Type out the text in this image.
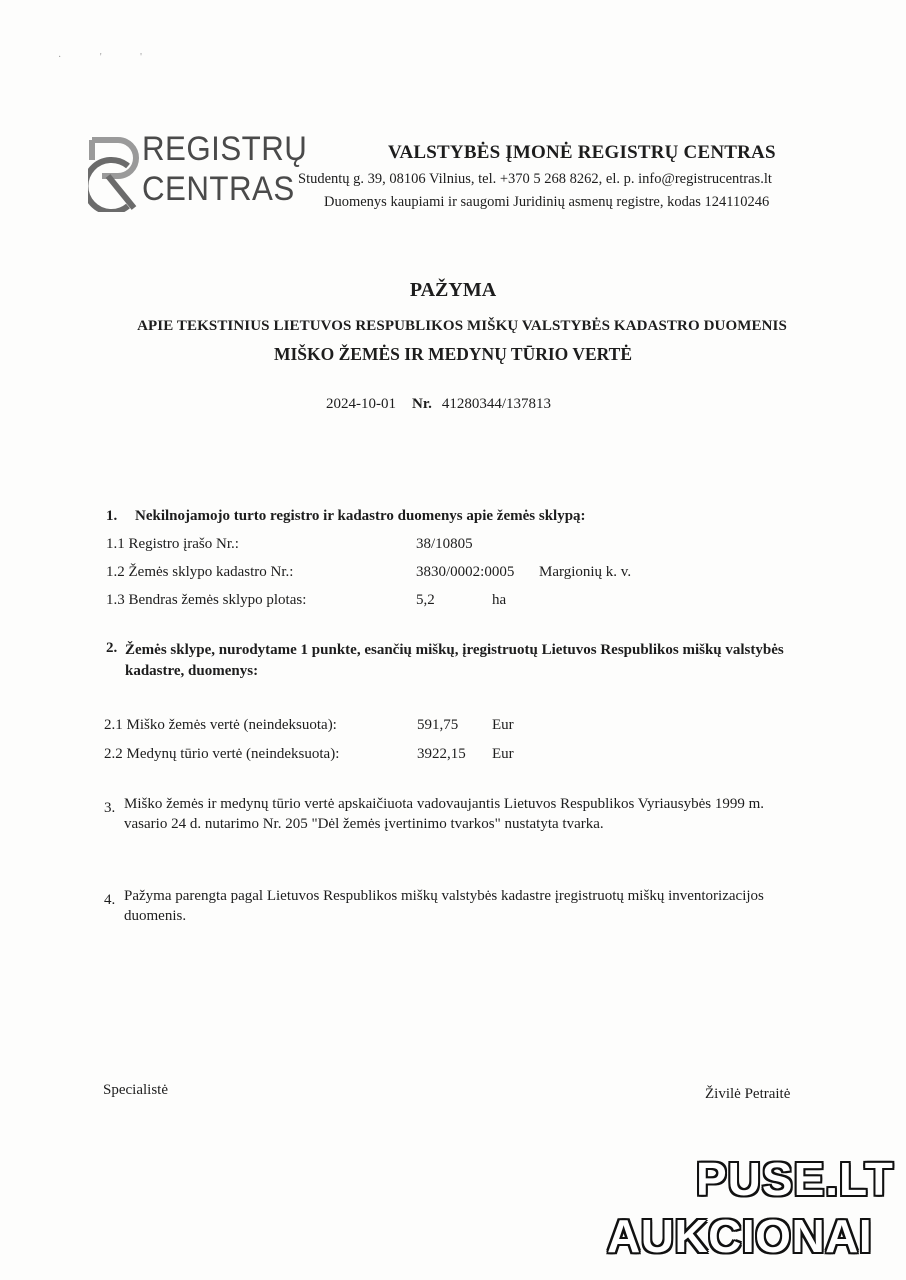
· ' '
REGISTRŲ
CENTRAS
VALSTYBĖS ĮMONĖ REGISTRŲ CENTRAS
Studentų g. 39, 08106 Vilnius, tel. +370 5 268 8262, el. p. info@registrucentras.lt
Duomenys kaupiami ir saugomi Juridinių asmenų registre, kodas 124110246
PAŽYMA
APIE TEKSTINIUS LIETUVOS RESPUBLIKOS MIŠKŲ VALSTYBĖS KADASTRO DUOMENIS
MIŠKO ŽEMĖS IR MEDYNŲ TŪRIO VERTĖ
2024-10-01 Nr. 41280344/137813
1. Nekilnojamojo turto registro ir kadastro duomenys apie žemės sklypą:
1.1 Registro įrašo Nr.:	38/10805
1.2 Žemės sklypo kadastro Nr.:	3830/0002:0005 Margionių k. v.
1.3 Bendras žemės sklypo plotas:	5,2	ha
2. Žemės sklype, nurodytame 1 punkte, esančių miškų, įregistruotų Lietuvos Respublikos miškų valstybės kadastre, duomenys:
2.1 Miško žemės vertė (neindeksuota):	591,75 Eur
2.2 Medynų tūrio vertė (neindeksuota):	3922,15 Eur
3. Miško žemės ir medynų tūrio vertė apskaičiuota vadovaujantis Lietuvos Respublikos Vyriausybės 1999 m. vasario 24 d. nutarimo Nr. 205 "Dėl žemės įvertinimo tvarkos" nustatyta tvarka.
4. Pažyma parengta pagal Lietuvos Respublikos miškų valstybės kadastre įregistruotų miškų inventorizacijos duomenis.
Specialistė	Živilė Petraitė
PUSE.LT
AUKCIONAI
